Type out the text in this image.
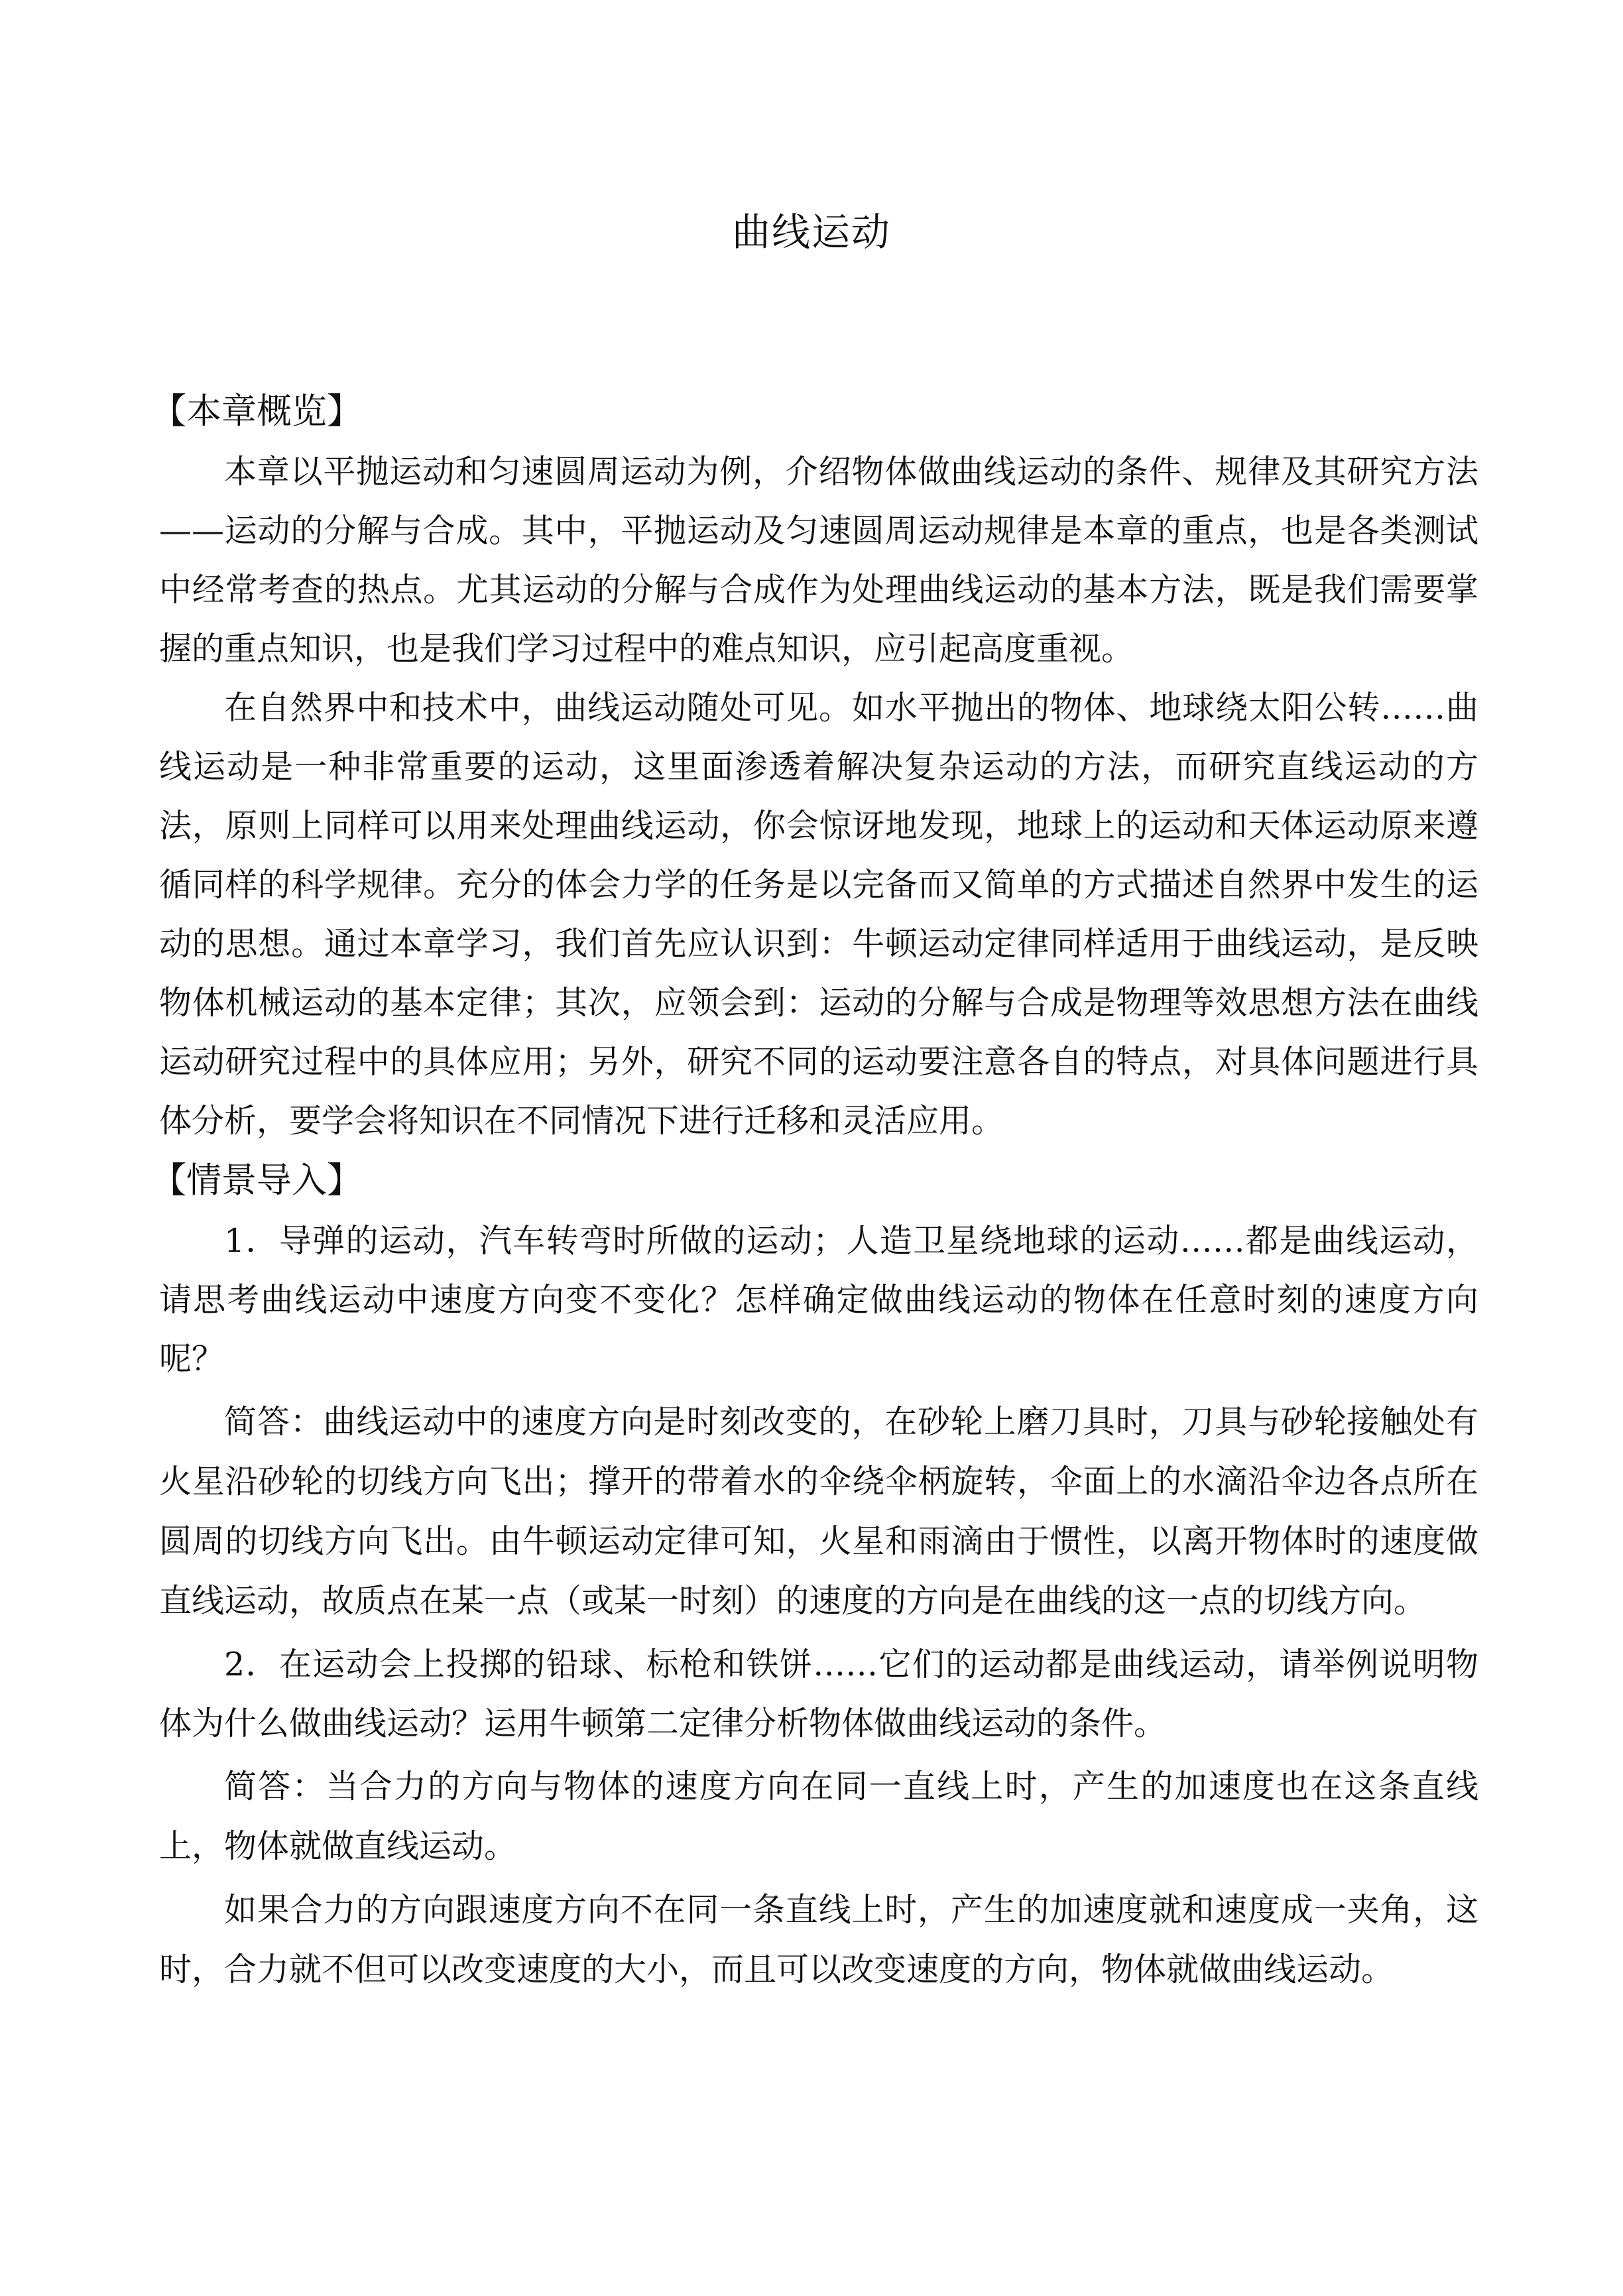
曲线运动

【本章概览】

本章以平抛运动和匀速圆周运动为例，介绍物体做曲线运动的条件、规律及其研究方法——运动的分解与合成。其中，平抛运动及匀速圆周运动规律是本章的重点，也是各类测试中经常考查的热点。尤其运动的分解与合成作为处理曲线运动的基本方法，既是我们需要掌握的重点知识，也是我们学习过程中的难点知识，应引起高度重视。

在自然界中和技术中，曲线运动随处可见。如水平抛出的物体、地球绕太阳公转……曲线运动是一种非常重要的运动，这里面渗透着解决复杂运动的方法，而研究直线运动的方法，原则上同样可以用来处理曲线运动，你会惊讶地发现，地球上的运动和天体运动原来遵循同样的科学规律。充分的体会力学的任务是以完备而又简单的方式描述自然界中发生的运动的思想。通过本章学习，我们首先应认识到：牛顿运动定律同样适用于曲线运动，是反映物体机械运动的基本定律；其次，应领会到：运动的分解与合成是物理等效思想方法在曲线运动研究过程中的具体应用；另外，研究不同的运动要注意各自的特点，对具体问题进行具体分析，要学会将知识在不同情况下进行迁移和灵活应用。

【情景导入】

1．导弹的运动，汽车转弯时所做的运动；人造卫星绕地球的运动……都是曲线运动，请思考曲线运动中速度方向变不变化？怎样确定做曲线运动的物体在任意时刻的速度方向呢？

简答：曲线运动中的速度方向是时刻改变的，在砂轮上磨刀具时，刀具与砂轮接触处有火星沿砂轮的切线方向飞出；撑开的带着水的伞绕伞柄旋转，伞面上的水滴沿伞边各点所在圆周的切线方向飞出。由牛顿运动定律可知，火星和雨滴由于惯性，以离开物体时的速度做直线运动，故质点在某一点（或某一时刻）的速度的方向是在曲线的这一点的切线方向。

2．在运动会上投掷的铅球、标枪和铁饼……它们的运动都是曲线运动，请举例说明物体为什么做曲线运动？运用牛顿第二定律分析物体做曲线运动的条件。

简答：当合力的方向与物体的速度方向在同一直线上时，产生的加速度也在这条直线上，物体就做直线运动。

如果合力的方向跟速度方向不在同一条直线上时，产生的加速度就和速度成一夹角，这时，合力就不但可以改变速度的大小，而且可以改变速度的方向，物体就做曲线运动。
